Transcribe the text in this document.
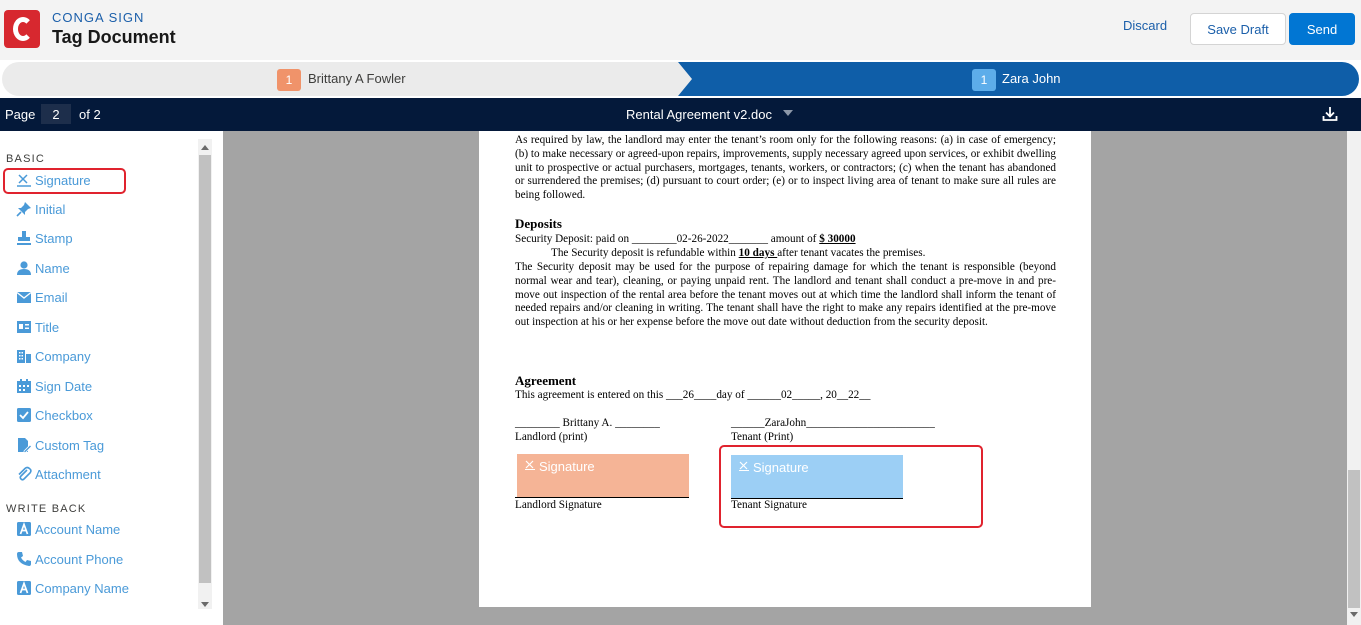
CONGA SIGN
Tag Document
Discard	Save Draft	Send
1	Brittany A Fowler	1	Zara John
Page
2	of 2	Rental Agreement v2.doc
BASIC
Signature
Initial
Stamp
Name
Email
Title
Company
Sign Date
Checkbox
Custom Tag
Attachment
WRITE BACK
Account Name
Account Phone
Company Name
As required by law, the landlord may enter the tenant’s room only for the following reasons: (a) in case of emergency; (b) to make necessary or agreed-upon repairs, improvements, supply necessary agreed upon services, or exhibit dwelling unit to prospective or actual purchasers, mortgages, tenants, workers, or contractors; (c) when the tenant has abandoned or surrendered the premises; (d) pursuant to court order; (e) or to inspect living area of tenant to make sure all rules are being followed.
Deposits
Security Deposit: paid on ________02-26-2022_______ amount of $ 30000
The Security deposit is refundable within 10 days after tenant vacates the premises.
The Security deposit may be used for the purpose of repairing damage for which the tenant is responsible (beyond normal wear and tear), cleaning, or paying unpaid rent. The landlord and tenant shall conduct a pre-move in and pre-move out inspection of the rental area before the tenant moves out at which time the landlord shall inform the tenant of needed repairs and/or cleaning in writing. The tenant shall have the right to make any repairs identified at the pre-move out inspection at his or her expense before the move out date without deduction from the security deposit.
Agreement
This agreement is entered on this ___26____day of ______02_____, 20__22__
________ Brittany A. ________
Landlord (print)
______ZaraJohn_______________________
Tenant (Print)
Signature
Landlord Signature
Signature
Tenant Signature
